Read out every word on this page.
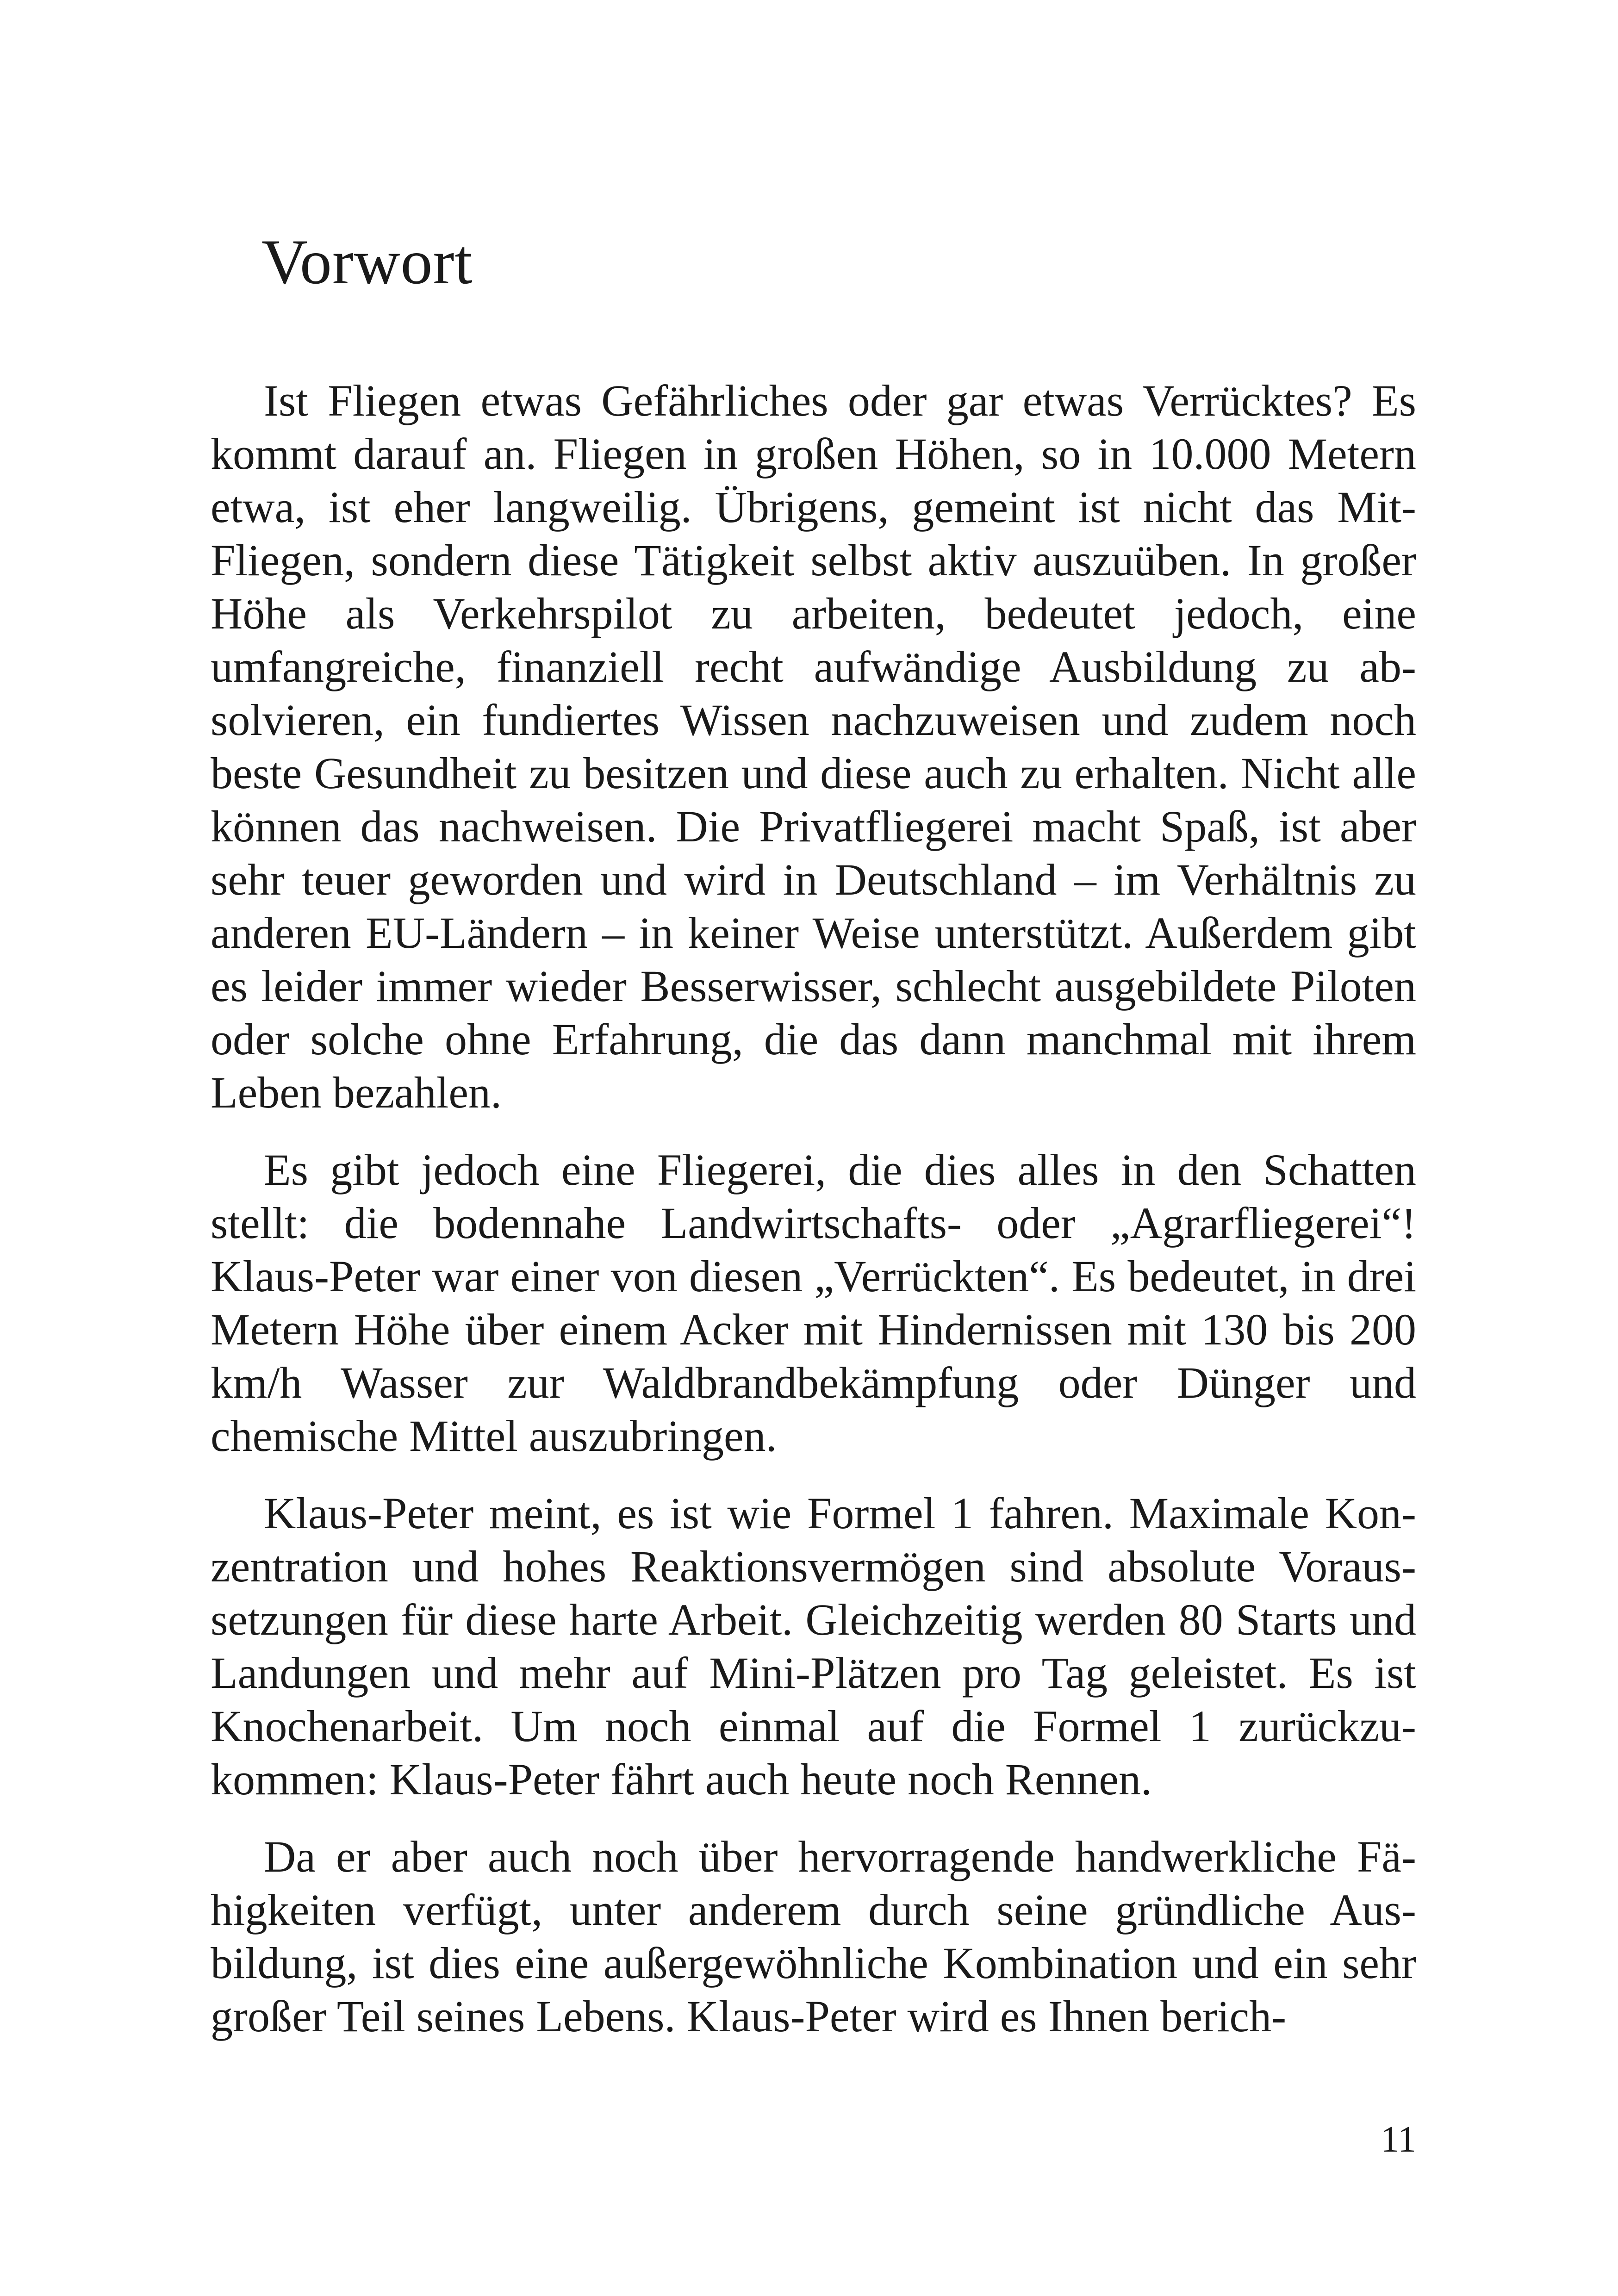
Vorwort

Ist Fliegen etwas Gefährliches oder gar etwas Verrücktes? Es kommt darauf an. Fliegen in großen Höhen, so in 10.000 Metern etwa, ist eher langweilig. Übrigens, gemeint ist nicht das MitFliegen, sondern diese Tätigkeit selbst aktiv auszuüben. In großer Höhe als Verkehrspilot zu arbeiten, bedeutet jedoch, eine umfangreiche, finanziell recht aufwändige Ausbildung zu absolvieren, ein fundiertes Wissen nachzuweisen und zudem noch beste Gesundheit zu besitzen und diese auch zu erhalten. Nicht alle können das nachweisen. Die Privatfliegerei macht Spaß, ist aber sehr teuer geworden und wird in Deutschland – im Verhältnis zu anderen EU-Ländern – in keiner Weise unterstützt. Außerdem gibt es leider immer wieder Besserwisser, schlecht ausgebildete Piloten oder solche ohne Erfahrung, die das dann manchmal mit ihrem Leben bezahlen.

Es gibt jedoch eine Fliegerei, die dies alles in den Schatten stellt: die bodennahe Landwirtschafts- oder „Agrarfliegerei“! Klaus-Peter war einer von diesen „Verrückten“. Es bedeutet, in drei Metern Höhe über einem Acker mit Hindernissen mit 130 bis 200 km/h Wasser zur Waldbrandbekämpfung oder Dünger und chemische Mittel auszubringen.

Klaus-Peter meint, es ist wie Formel 1 fahren. Maximale Konzentration und hohes Reaktionsvermögen sind absolute Voraussetzungen für diese harte Arbeit. Gleichzeitig werden 80 Starts und Landungen und mehr auf Mini-Plätzen pro Tag geleistet. Es ist Knochenarbeit. Um noch einmal auf die Formel 1 zurückzukommen: Klaus-Peter fährt auch heute noch Rennen.

Da er aber auch noch über hervorragende handwerkliche Fähigkeiten verfügt, unter anderem durch seine gründliche Ausbildung, ist dies eine außergewöhnliche Kombination und ein sehr großer Teil seines Lebens. Klaus-Peter wird es Ihnen berich-

11
